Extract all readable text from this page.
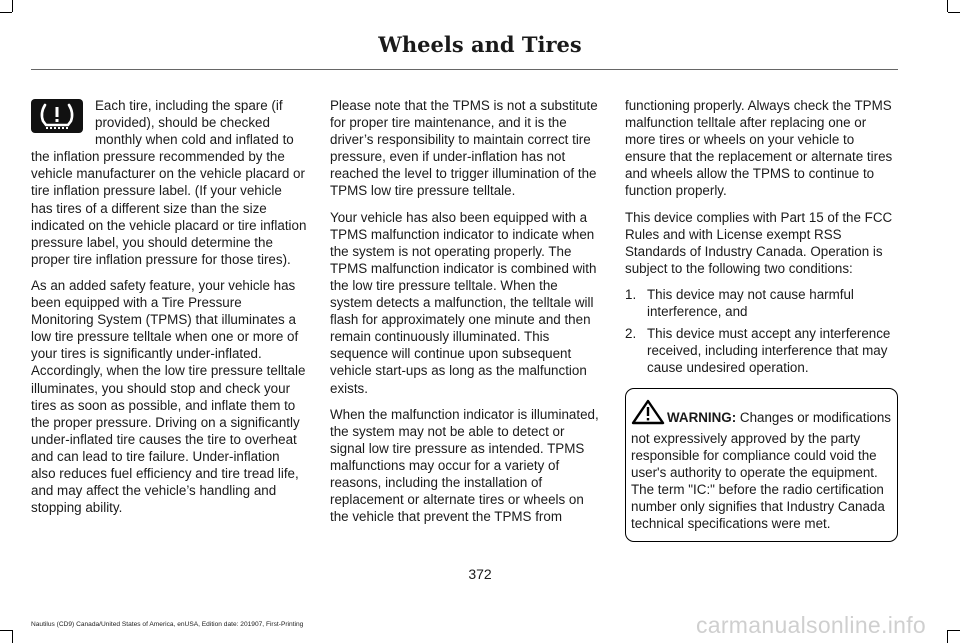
Wheels and Tires

Each tire, including the spare (if provided), should be checked monthly when cold and inflated to the inflation pressure recommended by the vehicle manufacturer on the vehicle placard or tire inflation pressure label. (If your vehicle has tires of a different size than the size indicated on the vehicle placard or tire inflation pressure label, you should determine the proper tire inflation pressure for those tires).

As an added safety feature, your vehicle has been equipped with a Tire Pressure Monitoring System (TPMS) that illuminates a low tire pressure telltale when one or more of your tires is significantly under-inflated. Accordingly, when the low tire pressure telltale illuminates, you should stop and check your tires as soon as possible, and inflate them to the proper pressure. Driving on a significantly under-inflated tire causes the tire to overheat and can lead to tire failure. Under-inflation also reduces fuel efficiency and tire tread life, and may affect the vehicle’s handling and stopping ability.

Please note that the TPMS is not a substitute for proper tire maintenance, and it is the driver’s responsibility to maintain correct tire pressure, even if under-inflation has not reached the level to trigger illumination of the TPMS low tire pressure telltale.

Your vehicle has also been equipped with a TPMS malfunction indicator to indicate when the system is not operating properly. The TPMS malfunction indicator is combined with the low tire pressure telltale. When the system detects a malfunction, the telltale will flash for approximately one minute and then remain continuously illuminated. This sequence will continue upon subsequent vehicle start-ups as long as the malfunction exists.

When the malfunction indicator is illuminated, the system may not be able to detect or signal low tire pressure as intended. TPMS malfunctions may occur for a variety of reasons, including the installation of replacement or alternate tires or wheels on the vehicle that prevent the TPMS from

functioning properly. Always check the TPMS malfunction telltale after replacing one or more tires or wheels on your vehicle to ensure that the replacement or alternate tires and wheels allow the TPMS to continue to function properly.

This device complies with Part 15 of the FCC Rules and with License exempt RSS Standards of Industry Canada. Operation is subject to the following two conditions:

1. This device may not cause harmful interference, and
2. This device must accept any interference received, including interference that may cause undesired operation.
WARNING: Changes or modifications not expressively approved by the party responsible for compliance could void the user's authority to operate the equipment. The term "IC:" before the radio certification number only signifies that Industry Canada technical specifications were met.
372
Nautilus (CD9) Canada/United States of America, enUSA, Edition date: 201907, First-Printing	carmanualsonline.info
